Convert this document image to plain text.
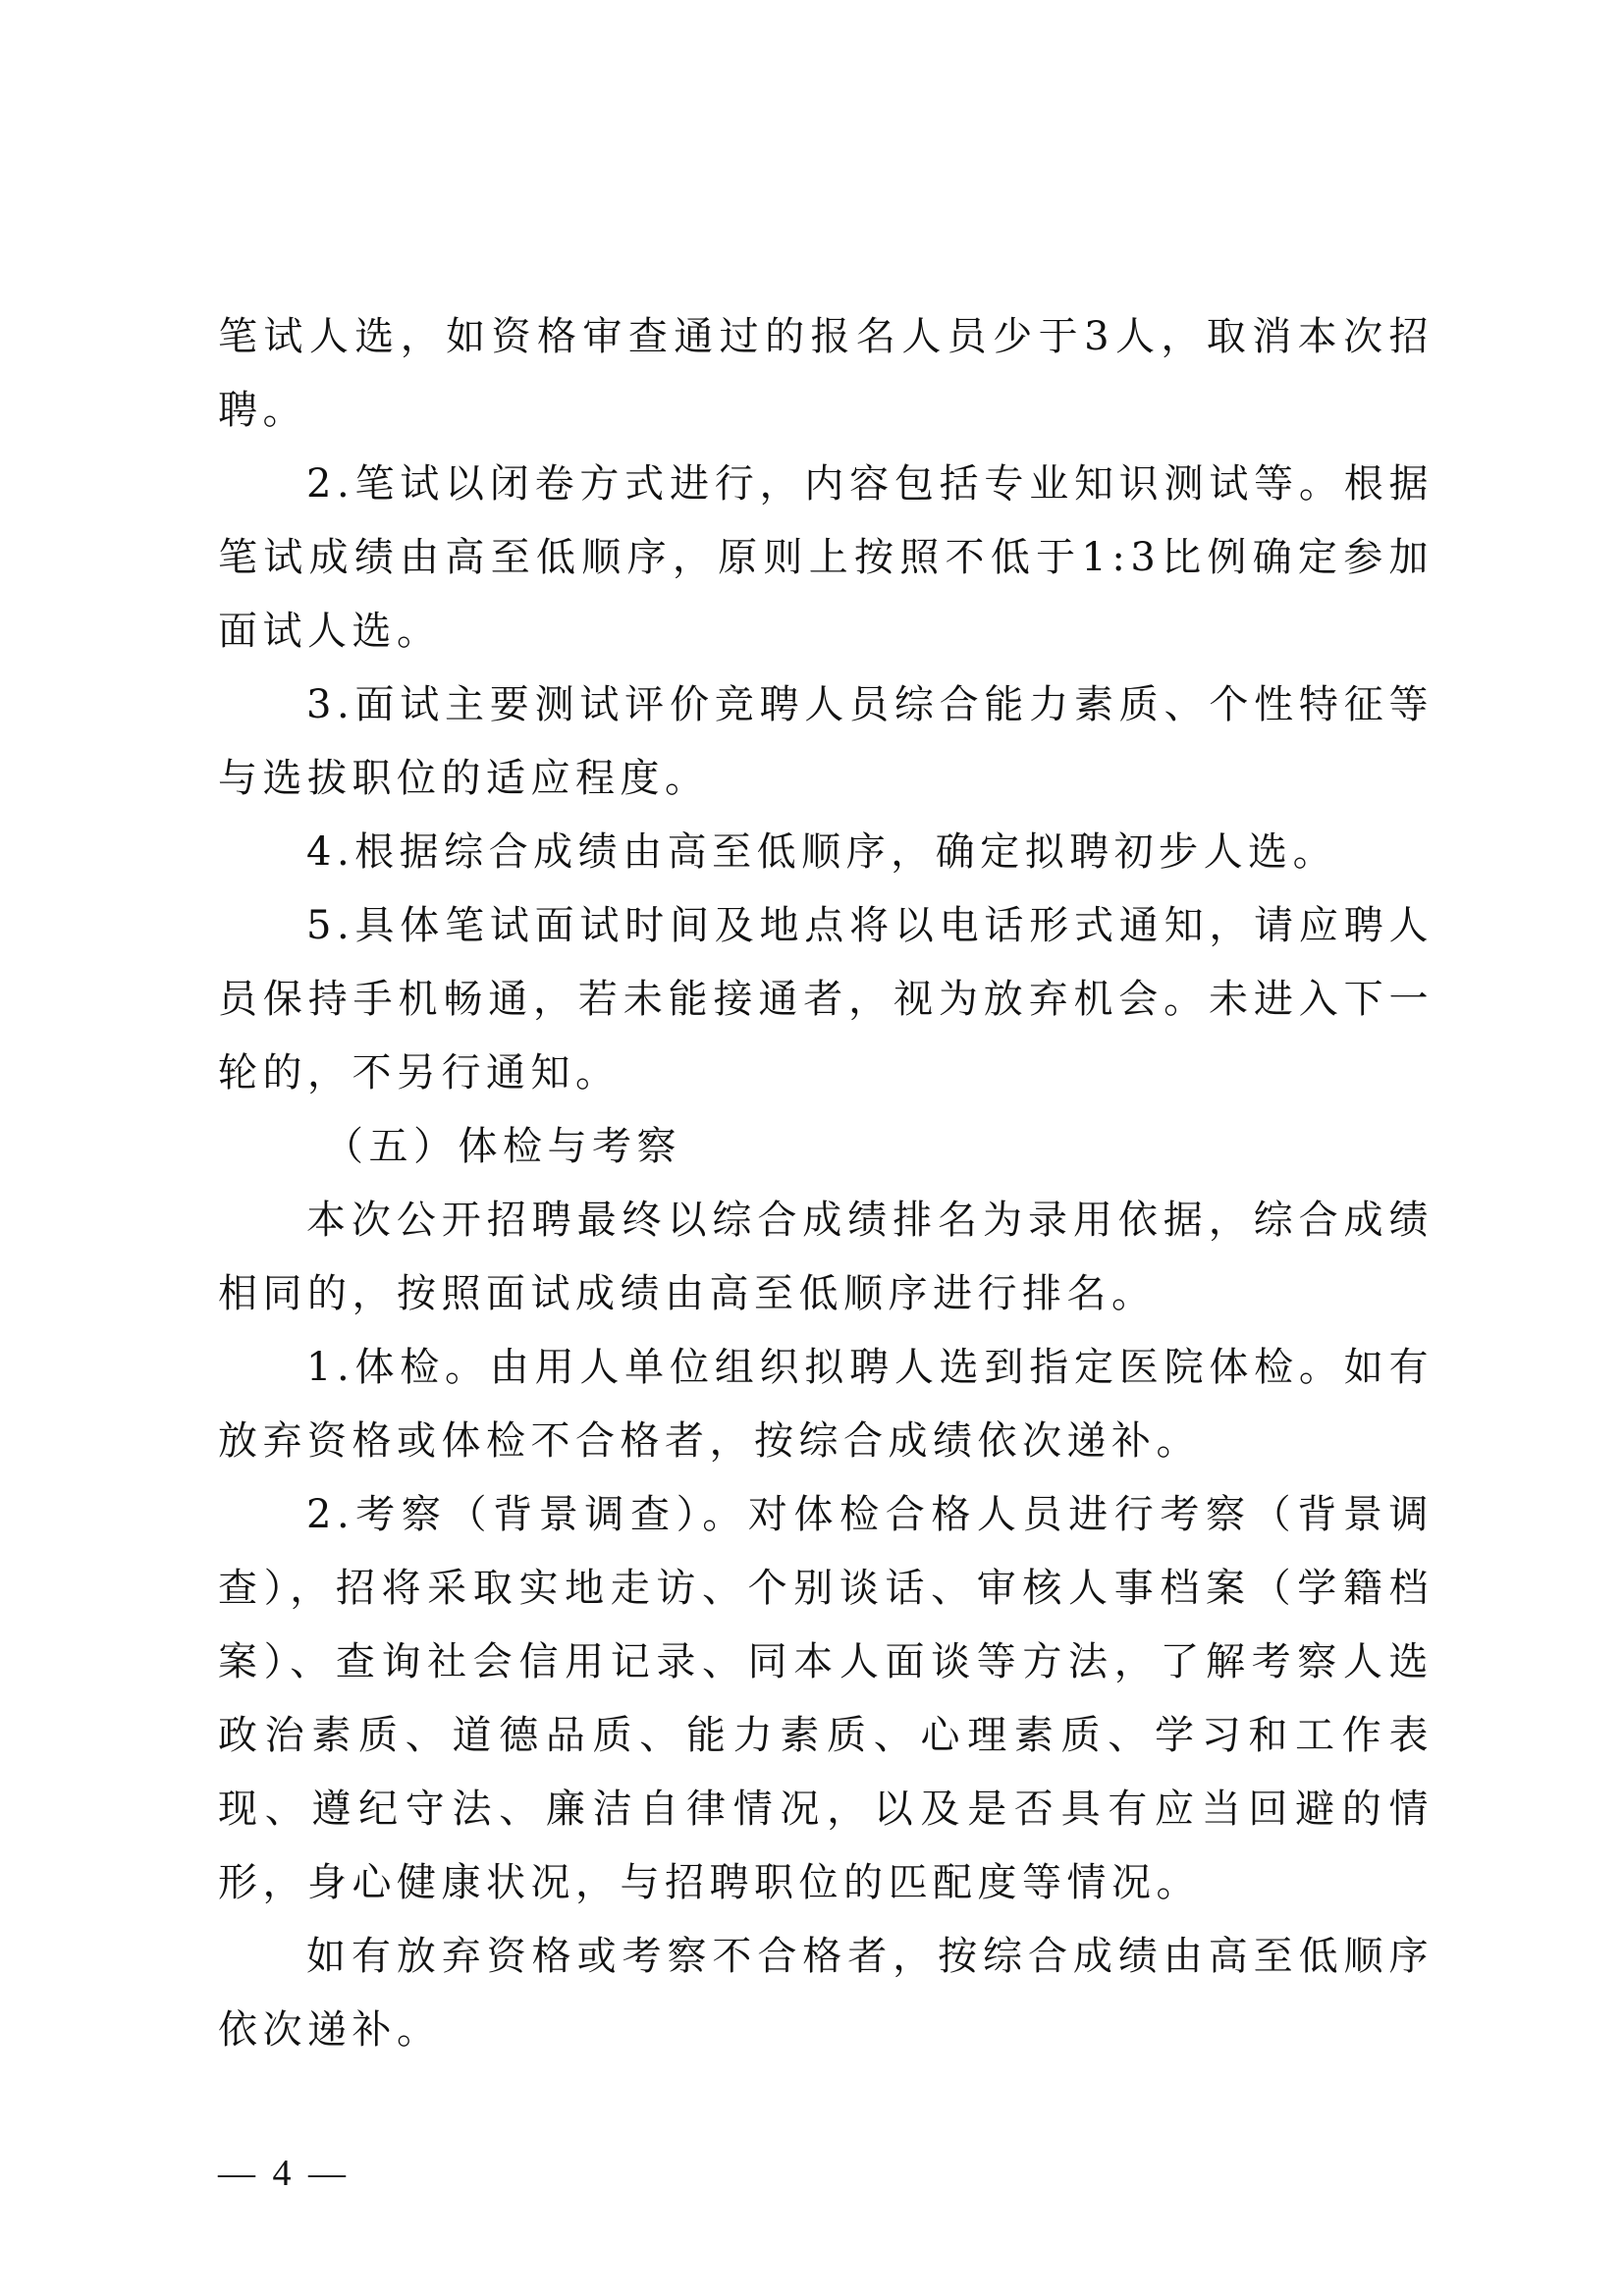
笔试人选，如资格审查通过的报名人员少于3人，取消本次招聘。

2.笔试以闭卷方式进行，内容包括专业知识测试等。根据笔试成绩由高至低顺序，原则上按照不低于1:3比例确定参加面试人选。

3.面试主要测试评价竞聘人员综合能力素质、个性特征等与选拔职位的适应程度。

4.根据综合成绩由高至低顺序，确定拟聘初步人选。

5.具体笔试面试时间及地点将以电话形式通知，请应聘人员保持手机畅通，若未能接通者，视为放弃机会。未进入下一轮的，不另行通知。

（五）体检与考察

本次公开招聘最终以综合成绩排名为录用依据，综合成绩相同的，按照面试成绩由高至低顺序进行排名。

1.体检。由用人单位组织拟聘人选到指定医院体检。如有放弃资格或体检不合格者，按综合成绩依次递补。

2.考察（背景调查）。对体检合格人员进行考察（背景调查），招将采取实地走访、个别谈话、审核人事档案（学籍档案）、查询社会信用记录、同本人面谈等方法，了解考察人选政治素质、道德品质、能力素质、心理素质、学习和工作表现、遵纪守法、廉洁自律情况，以及是否具有应当回避的情形，身心健康状况，与招聘职位的匹配度等情况。

如有放弃资格或考察不合格者，按综合成绩由高至低顺序依次递补。

— 4 —
